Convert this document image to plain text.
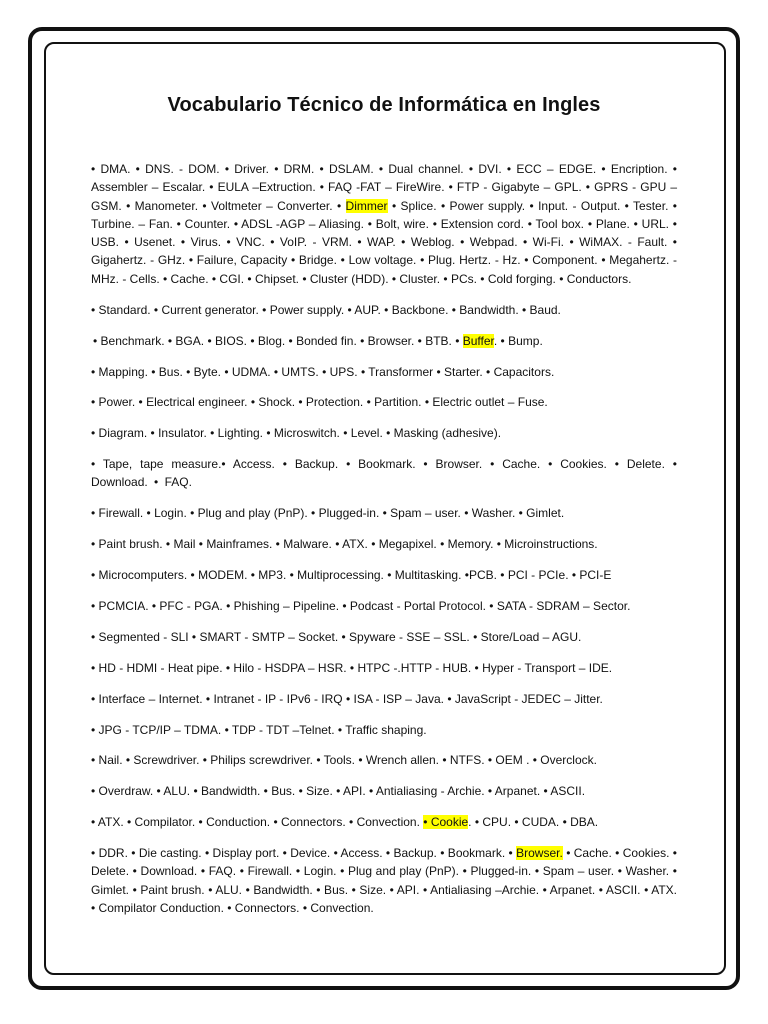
Vocabulario Técnico de Informática en Ingles

• DMA. • DNS. - DOM. • Driver. • DRM. • DSLAM. • Dual channel. • DVI. • ECC – EDGE. • Encription. • Assembler – Escalar. • EULA –Extruction. • FAQ -FAT – FireWire. • FTP - Gigabyte – GPL. • GPRS - GPU – GSM. • Manometer. • Voltmeter – Converter. • Dimmer • Splice. • Power supply. • Input. - Output. • Tester. • Turbine. – Fan. • Counter. • ADSL -AGP – Aliasing. • Bolt, wire. • Extension cord. • Tool box. • Plane. • URL. • USB. • Usenet. • Virus. • VNC. • VoIP. - VRM. • WAP. • Weblog. • Webpad. • Wi-Fi. • WiMAX. - Fault. • Gigahertz. - GHz. • Failure, Capacity • Bridge. • Low voltage. • Plug. Hertz. - Hz. • Component. • Megahertz. - MHz. - Cells. • Cache. • CGI. • Chipset. • Cluster (HDD). • Cluster. • PCs. • Cold forging. • Conductors.

• Standard. • Current generator. • Power supply. • AUP. • Backbone. • Bandwidth. • Baud.

• Benchmark. • BGA. • BIOS. • Blog. • Bonded fin. • Browser. • BTB. • Buffer. • Bump.

• Mapping. • Bus. • Byte. • UDMA. • UMTS. • UPS. • Transformer • Starter. • Capacitors.

• Power. • Electrical engineer. • Shock. • Protection. • Partition. • Electric outlet – Fuse.

• Diagram. • Insulator. • Lighting. • Microswitch. • Level. • Masking (adhesive).

• Tape, tape measure.• Access. • Backup. • Bookmark. • Browser. • Cache. • Cookies. • Delete. • Download. • FAQ.

• Firewall. • Login. • Plug and play (PnP). • Plugged-in. • Spam – user. • Washer. • Gimlet.

• Paint brush. • Mail • Mainframes. • Malware. • ATX. • Megapixel. • Memory. • Microinstructions.

• Microcomputers. • MODEM. • MP3. • Multiprocessing. • Multitasking. •PCB. • PCI - PCIe. • PCI-E

• PCMCIA. • PFC - PGA. • Phishing – Pipeline. • Podcast - Portal Protocol. • SATA - SDRAM – Sector.

• Segmented - SLI • SMART - SMTP – Socket. • Spyware - SSE – SSL. • Store/Load – AGU.

• HD - HDMI - Heat pipe. • Hilo - HSDPA – HSR. • HTPC -.HTTP - HUB. • Hyper - Transport – IDE.

• Interface – Internet. • Intranet - IP - IPv6 - IRQ • ISA - ISP – Java. • JavaScript - JEDEC – Jitter.

• JPG - TCP/IP – TDMA. • TDP - TDT –Telnet. • Traffic shaping.

• Nail. • Screwdriver. • Philips screwdriver. • Tools. • Wrench allen. • NTFS. • OEM . • Overclock.

• Overdraw. • ALU. • Bandwidth. • Bus. • Size. • API. • Antialiasing - Archie. • Arpanet. • ASCII.

• ATX. • Compilator. • Conduction. • Connectors. • Convection. • Cookie. • CPU. • CUDA. • DBA.

• DDR. • Die casting. • Display port. • Device. • Access. • Backup. • Bookmark. • Browser. • Cache. • Cookies. • Delete. • Download. • FAQ. • Firewall. • Login. • Plug and play (PnP). • Plugged-in. • Spam – user. • Washer. • Gimlet. • Paint brush. • ALU. • Bandwidth. • Bus. • Size. • API. • Antialiasing –Archie. • Arpanet. • ASCII. • ATX. • Compilator Conduction. • Connectors. • Convection.
